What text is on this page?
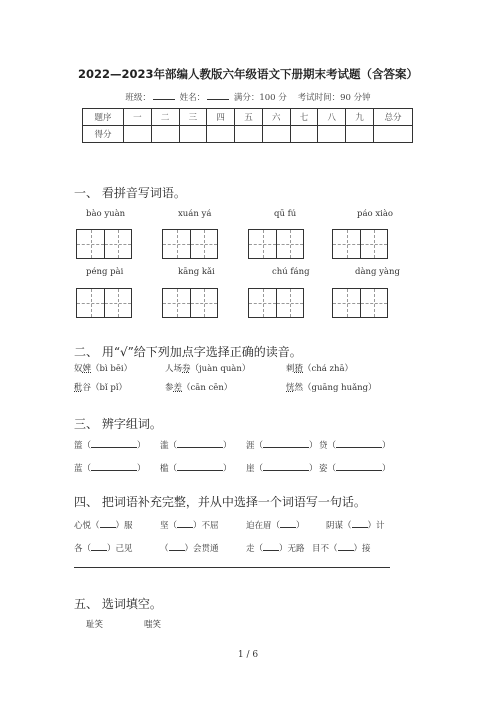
2022—2023年部编人教版六年级语文下册期末考试题（含答案）
班级：	姓名：	满分：100 分 考试时间：90 分钟
题序	一	二	三	四	五	六	七	八	九	总分
得分										
一、 看拼音写词语。
bào yuàn	xuán yá	qū fú	páo xiào
péng pài	kāng kǎi	chú fáng	dàng yàng
二、 用“√”给下列加点字选择正确的读音。
奴婢（bì bēi）	人场券（juàn quàn）	刺猹（chá zhā）
秕谷（bǐ pǐ）	参差（cān cēn）	恍然（guāng huǎng）
三、 辨字组词。
篮（	） 滥（	） 涯（	） 贷（	）
蓝（	） 槛（	） 崖（	） 姿（	）
四、 把词语补充完整，并从中选择一个词语写一句话。
心悦（ ）服	坚（ ）不屈	迫在眉（ ）	阴谋（ ）计
各（ ）己见	（ ）会贯通	走（ ）无路 目不（ ）接
五、 选词填空。
耻笑	嗤笑
1 / 6
